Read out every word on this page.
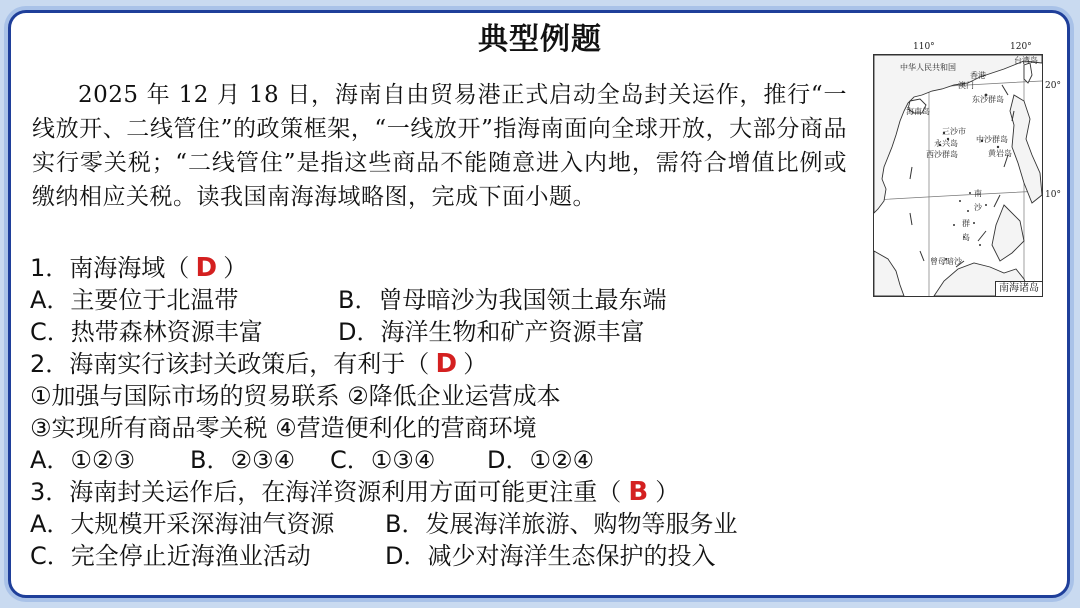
典型例题
2025 年 12 月 18 日，海南自由贸易港正式启动全岛封关运作，推行“一线放开、二线管住”的政策框架，“一线放开”指海南面向全球开放，大部分商品实行零关税；“二线管住”是指这些商品不能随意进入内地，需符合增值比例或缴纳相应关税。读我国南海海域略图，完成下面小题。
1．南海海域（ D ）
A．主要位于北温带	B．曾母暗沙为我国领土最东端
C．热带森林资源丰富	D．海洋生物和矿产资源丰富
2．海南实行该封关政策后，有利于（ D ）
①加强与国际市场的贸易联系 ②降低企业运营成本
③实现所有商品零关税 ④营造便利化的营商环境
A．①②③ B．②③④ C．①③④ D．①②④
3．海南封关运作后，在海洋资源利用方面可能更注重（ B ）
A．大规模开采深海油气资源 B．发展海洋旅游、购物等服务业
C．完全停止近海渔业活动	D．减少对海洋生态保护的投入
110°	120°
20°
10°
中华人民共和国
香港
澳门
台湾岛
海南岛
东沙群岛
三沙市
永兴岛
西沙群岛
中沙群岛
黄岩岛
南
沙
群
岛
曾母暗沙
南海诸岛
